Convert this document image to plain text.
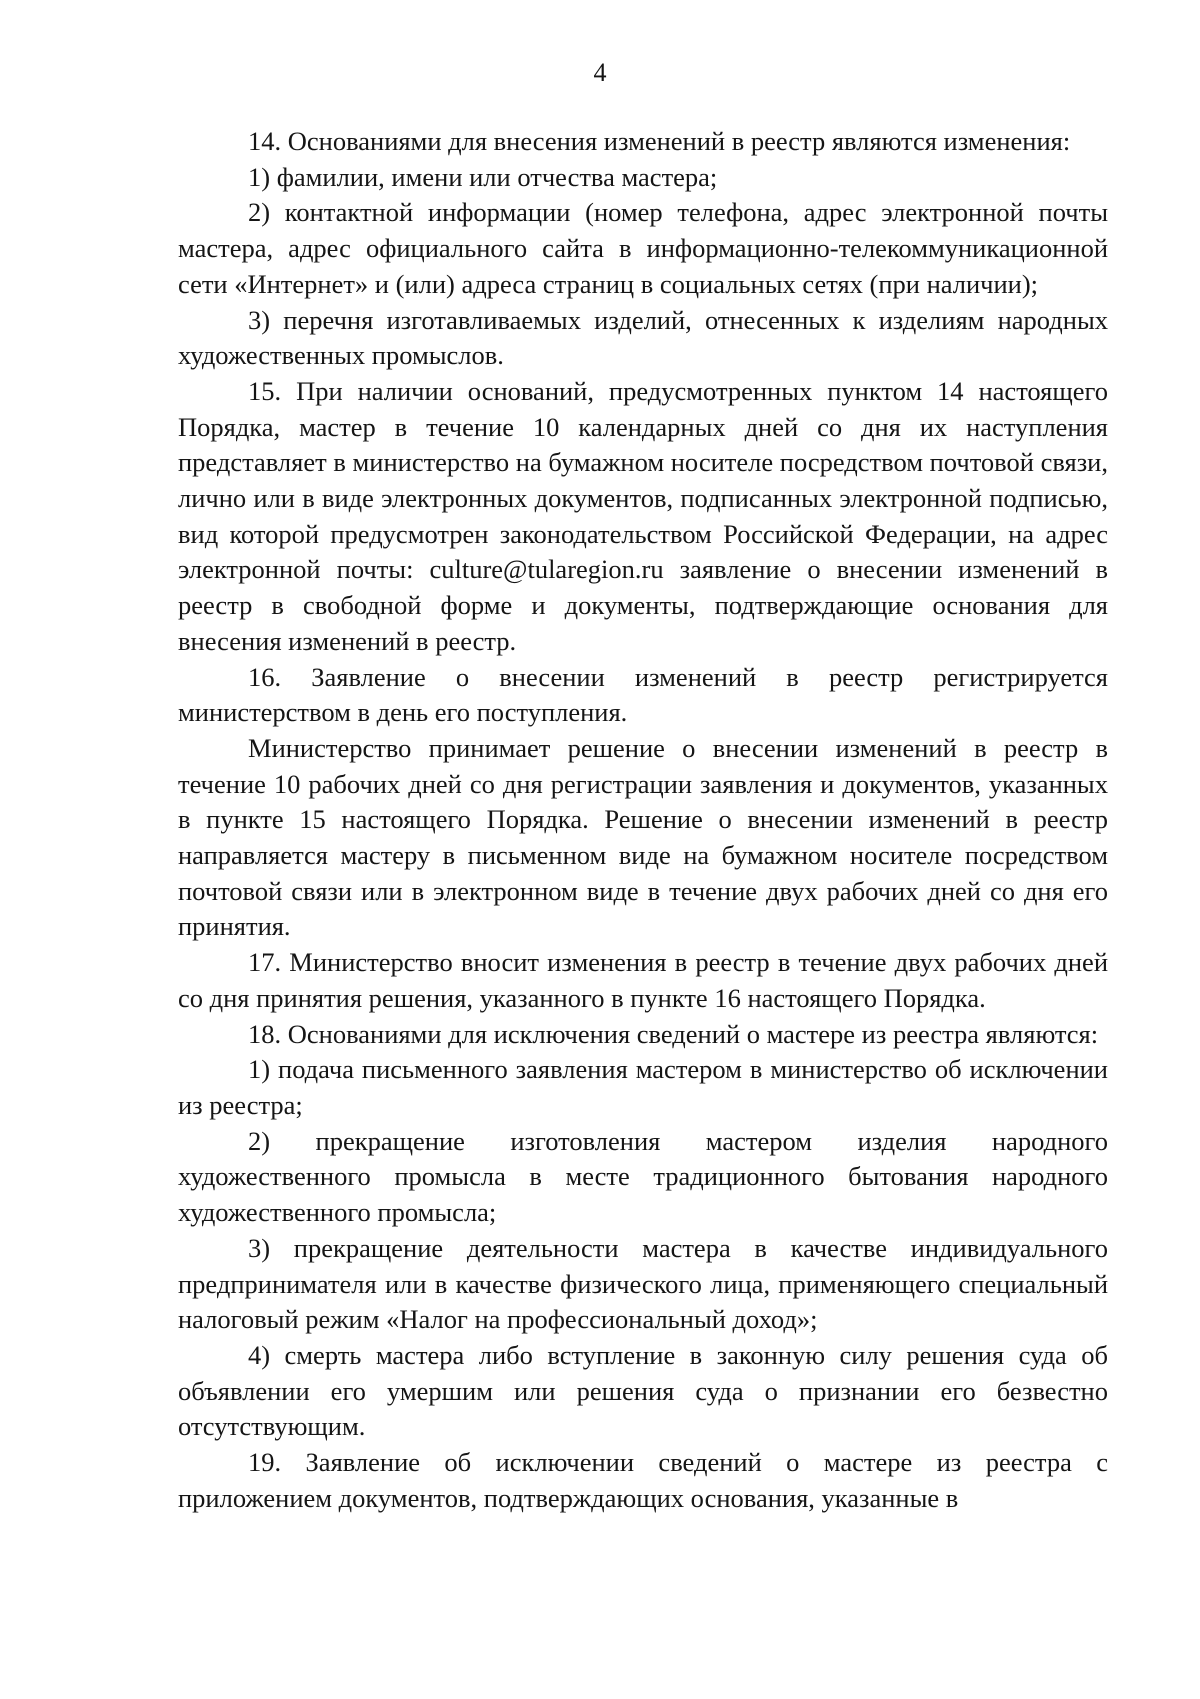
4

14. Основаниями для внесения изменений в реестр являются изменения:

1) фамилии, имени или отчества мастера;

2) контактной информации (номер телефона, адрес электронной почты мастера, адрес официального сайта в информационно-телекоммуникационной сети «Интернет» и (или) адреса страниц в социальных сетях (при наличии);

3) перечня изготавливаемых изделий, отнесенных к изделиям народных художественных промыслов.

15. При наличии оснований, предусмотренных пунктом 14 настоящего Порядка, мастер в течение 10 календарных дней со дня их наступления представляет в министерство на бумажном носителе посредством почтовой связи, лично или в виде электронных документов, подписанных электронной подписью, вид которой предусмотрен законодательством Российской Федерации, на адрес электронной почты: culture@tularegion.ru заявление о внесении изменений в реестр в свободной форме и документы, подтверждающие основания для внесения изменений в реестр.

16. Заявление о внесении изменений в реестр регистрируется министерством в день его поступления.

Министерство принимает решение о внесении изменений в реестр в течение 10 рабочих дней со дня регистрации заявления и документов, указанных в пункте 15 настоящего Порядка. Решение о внесении изменений в реестр направляется мастеру в письменном виде на бумажном носителе посредством почтовой связи или в электронном виде в течение двух рабочих дней со дня его принятия.

17. Министерство вносит изменения в реестр в течение двух рабочих дней со дня принятия решения, указанного в пункте 16 настоящего Порядка.

18. Основаниями для исключения сведений о мастере из реестра являются:

1) подача письменного заявления мастером в министерство об исключении из реестра;

2) прекращение изготовления мастером изделия народного художественного промысла в месте традиционного бытования народного художественного промысла;

3) прекращение деятельности мастера в качестве индивидуального предпринимателя или в качестве физического лица, применяющего специальный налоговый режим «Налог на профессиональный доход»;

4) смерть мастера либо вступление в законную силу решения суда об объявлении его умершим или решения суда о признании его безвестно отсутствующим.

19. Заявление об исключении сведений о мастере из реестра с приложением документов, подтверждающих основания, указанные в
